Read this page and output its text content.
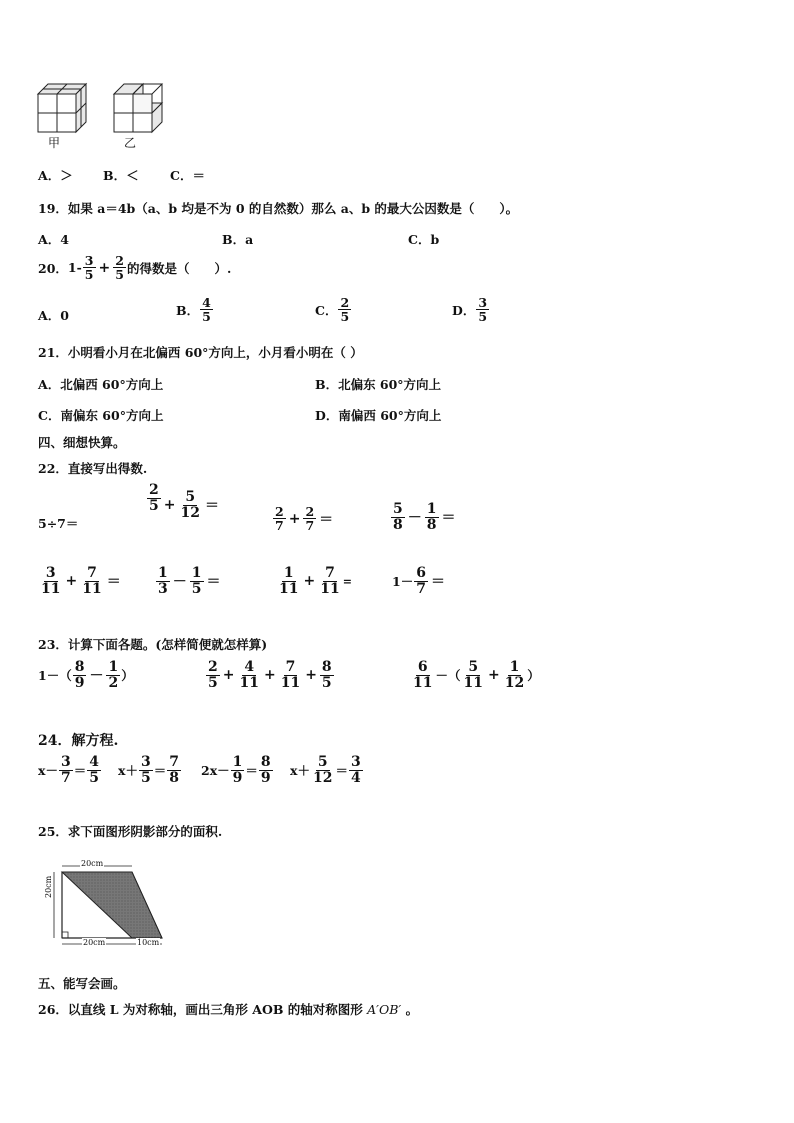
甲	乙
A．＞ B．＜	C．＝
19．如果 a＝4b（a、b 均是不为 0 的自然数）那么 a、b 的最大公因数是（　　）。
A．4	B．a	C．b
20． $1- \frac{3}{5} + \frac{2}{5}$ 的得数是（　　）.
A．0	B． $\frac{4}{5}$	C． $\frac{2}{5}$	D． $\frac{3}{5}$
21．小明看小月在北偏西 60°方向上，小月看小明在（ ）
A．北偏西 60°方向上	B．北偏东 60°方向上
C．南偏东 60°方向上	D．南偏西 60°方向上
四、细想快算。
22．直接写出得数.
5÷7＝
$\frac{2}{5} + \frac{5}{12}$ ＝	$\frac{2}{7} + \frac{2}{7}$ ＝	$\frac{5}{8} - \frac{1}{8}$ ＝
$\frac{3}{11} + \frac{7}{11}$ ＝	$\frac{1}{3} - \frac{1}{5}$ ＝	$\frac{1}{11} + \frac{7}{11}$ =	$1- \frac{6}{7}$ ＝
23．计算下面各题。(怎样简便就怎样算)
$1-( \frac{8}{9} - \frac{1}{2}$ ）	$\frac{2}{5} + \frac{4}{11} + \frac{7}{11} + \frac{8}{5}$	$\frac{6}{11}$ －（ $\frac{5}{11} + \frac{1}{12}$ ）
24．解方程.
$x- \frac{3}{7} = \frac{4}{5} x+ \frac{3}{5} = \frac{7}{8} 2x- \frac{1}{9} = \frac{8}{9} x+ \frac{5}{12} = \frac{3}{4}$
25．求下面图形阴影部分的面积.
20cm
20cm
20cm	10cm
五、能写会画。
26．以直线 L 为对称轴，画出三角形 AOB 的轴对称图形 A′OB′ 。
